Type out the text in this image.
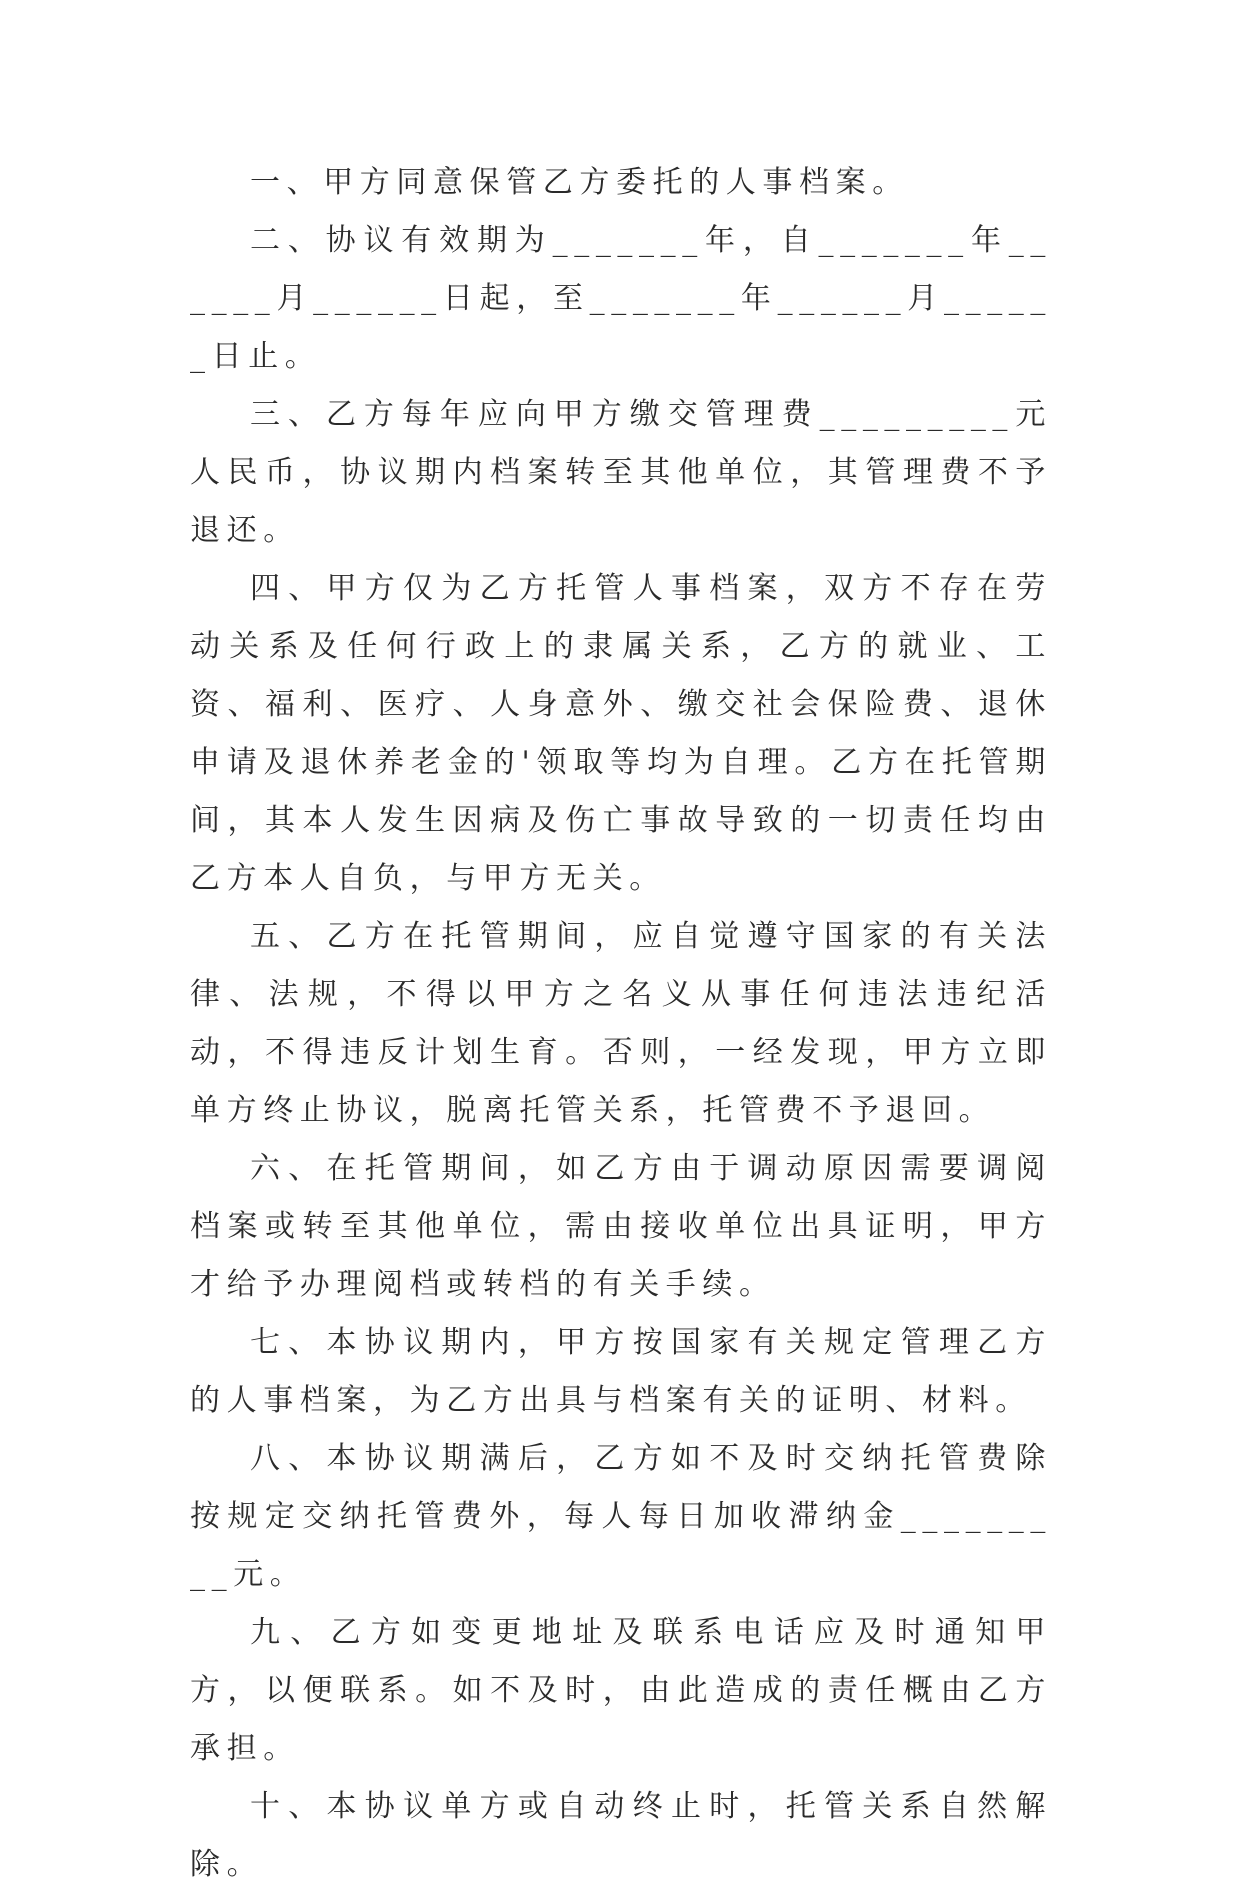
一、甲方同意保管乙方委托的人事档案。

二、协议有效期为_______年，自_______年______月______日起，至_______年______月______日止。

三、乙方每年应向甲方缴交管理费_________元人民币，协议期内档案转至其他单位，其管理费不予退还。

四、甲方仅为乙方托管人事档案，双方不存在劳动关系及任何行政上的隶属关系，乙方的就业、工资、福利、医疗、人身意外、缴交社会保险费、退休申请及退休养老金的'领取等均为自理。乙方在托管期间，其本人发生因病及伤亡事故导致的一切责任均由乙方本人自负，与甲方无关。

五、乙方在托管期间，应自觉遵守国家的有关法律、法规，不得以甲方之名义从事任何违法违纪活动，不得违反计划生育。否则，一经发现，甲方立即单方终止协议，脱离托管关系，托管费不予退回。

六、在托管期间，如乙方由于调动原因需要调阅档案或转至其他单位，需由接收单位出具证明，甲方才给予办理阅档或转档的有关手续。

七、本协议期内，甲方按国家有关规定管理乙方的人事档案，为乙方出具与档案有关的证明、材料。

八、本协议期满后，乙方如不及时交纳托管费除按规定交纳托管费外，每人每日加收滞纳金_________元。

九、乙方如变更地址及联系电话应及时通知甲方，以便联系。如不及时，由此造成的责任概由乙方承担。

十、本协议单方或自动终止时，托管关系自然解除。
